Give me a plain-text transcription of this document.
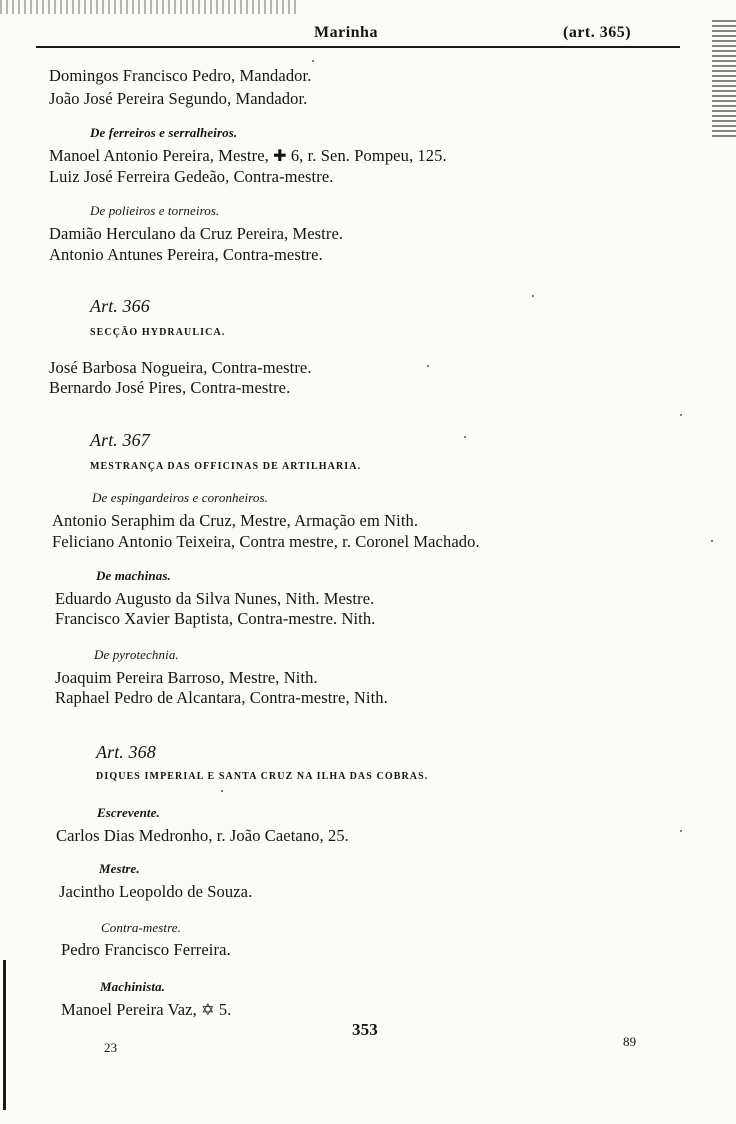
Marinha	(art. 365)
Domingos Francisco Pedro, Mandador.
João José Pereira Segundo, Mandador.
De ferreiros e serralheiros.
Manoel Antonio Pereira, Mestre, ✚ 6, r. Sen. Pompeu, 125.
Luiz José Ferreira Gedeão, Contra-mestre.
De polieiros e torneiros.
Damião Herculano da Cruz Pereira, Mestre.
Antonio Antunes Pereira, Contra-mestre.
Art. 366
SECÇÃO HYDRAULICA.
José Barbosa Nogueira, Contra-mestre.
Bernardo José Pires, Contra-mestre.
Art. 367
MESTRANÇA DAS OFFICINAS DE ARTILHARIA.
De espingardeiros e coronheiros.
Antonio Seraphim da Cruz, Mestre, Armação em Nith.
Feliciano Antonio Teixeira, Contra mestre, r. Coronel Machado.
De machinas.
Eduardo Augusto da Silva Nunes, Nith. Mestre.
Francisco Xavier Baptista, Contra-mestre. Nith.
De pyrotechnia.
Joaquim Pereira Barroso, Mestre, Nith.
Raphael Pedro de Alcantara, Contra-mestre, Nith.
Art. 368
DIQUES IMPERIAL E SANTA CRUZ NA ILHA DAS COBRAS.
Escrevente.
Carlos Dias Medronho, r. João Caetano, 25.
Mestre.
Jacintho Leopoldo de Souza.
Contra-mestre.
Pedro Francisco Ferreira.
Machinista.
Manoel Pereira Vaz, ✡ 5.
353
23	89
